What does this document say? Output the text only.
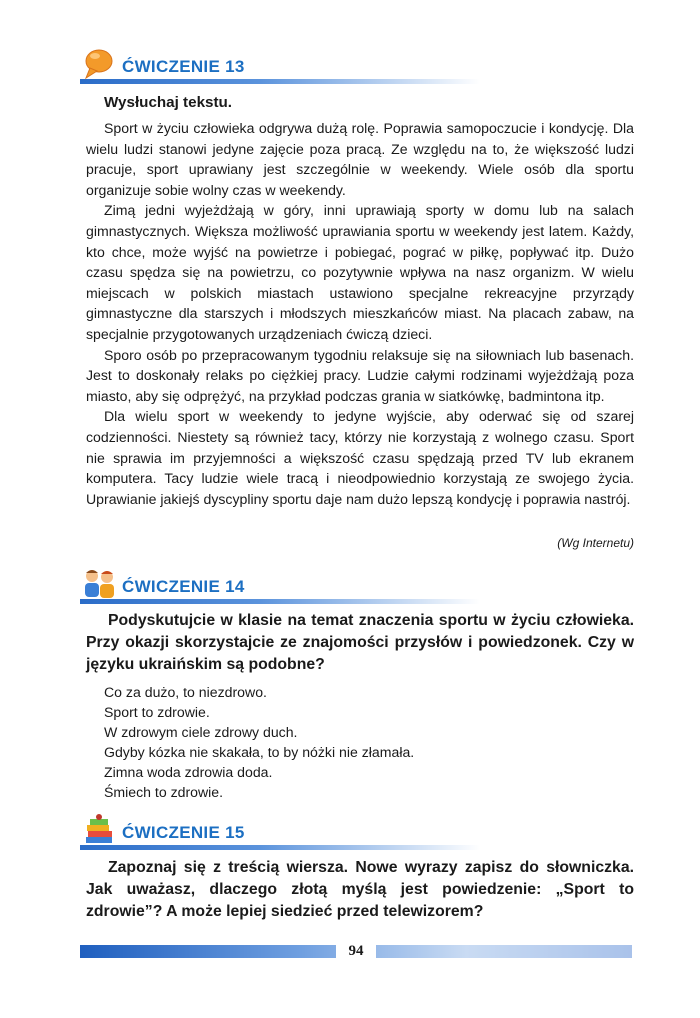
ĆWICZENIE 13
Wysłuchaj tekstu.

Sport w życiu człowieka odgrywa dużą rolę. Poprawia samopoczucie i kondycję. Dla wielu ludzi stanowi jedyne zajęcie poza pracą. Ze względu na to, że większość ludzi pracuje, sport uprawiany jest szczególnie w weekendy. Wiele osób dla sportu organizuje sobie wolny czas w weekendy.

Zimą jedni wyjeżdżają w góry, inni uprawiają sporty w domu lub na salach gimnastycznych. Większa możliwość uprawiania sportu w weekendy jest latem. Każdy, kto chce, może wyjść na powietrze i pobiegać, pograć w piłkę, popływać itp. Dużo czasu spędza się na powietrzu, co pozytywnie wpływa na nasz organizm. W wielu miejscach w polskich miastach ustawiono specjalne rekreacyjne przyrządy gimnastyczne dla starszych i młodszych mieszkańców miast. Na placach zabaw, na specjalnie przygotowanych urządzeniach ćwiczą dzieci.

Sporo osób po przepracowanym tygodniu relaksuje się na siłowniach lub basenach. Jest to doskonały relaks po ciężkiej pracy. Ludzie całymi rodzinami wyjeżdżają poza miasto, aby się odprężyć, na przykład podczas grania w siatkówkę, badmintona itp.

Dla wielu sport w weekendy to jedyne wyjście, aby oderwać się od szarej codzienności. Niestety są również tacy, którzy nie korzystają z wolnego czasu. Sport nie sprawia im przyjemności a większość czasu spędzają przed TV lub ekranem komputera. Tacy ludzie wiele tracą i nieodpowiednio korzystają ze swojego życia. Uprawianie jakiejś dyscypliny sportu daje nam dużo lepszą kondycję i poprawia nastrój.

(Wg Internetu)
ĆWICZENIE 14
Podyskutujcie w klasie na temat znaczenia sportu w życiu człowieka. Przy okazji skorzystajcie ze znajomości przysłów i powiedzonek. Czy w języku ukraińskim są podobne?
Co za dużo, to niezdrowo.
Sport to zdrowie.
W zdrowym ciele zdrowy duch.
Gdyby kózka nie skakała, to by nóżki nie złamała.
Zimna woda zdrowia doda.
Śmiech to zdrowie.
ĆWICZENIE 15
Zapoznaj się z treścią wiersza. Nowe wyrazy zapisz do słowniczka. Jak uważasz, dlaczego złotą myślą jest powiedzenie: „Sport to zdrowie”? A może lepiej siedzieć przed telewizorem?
94
